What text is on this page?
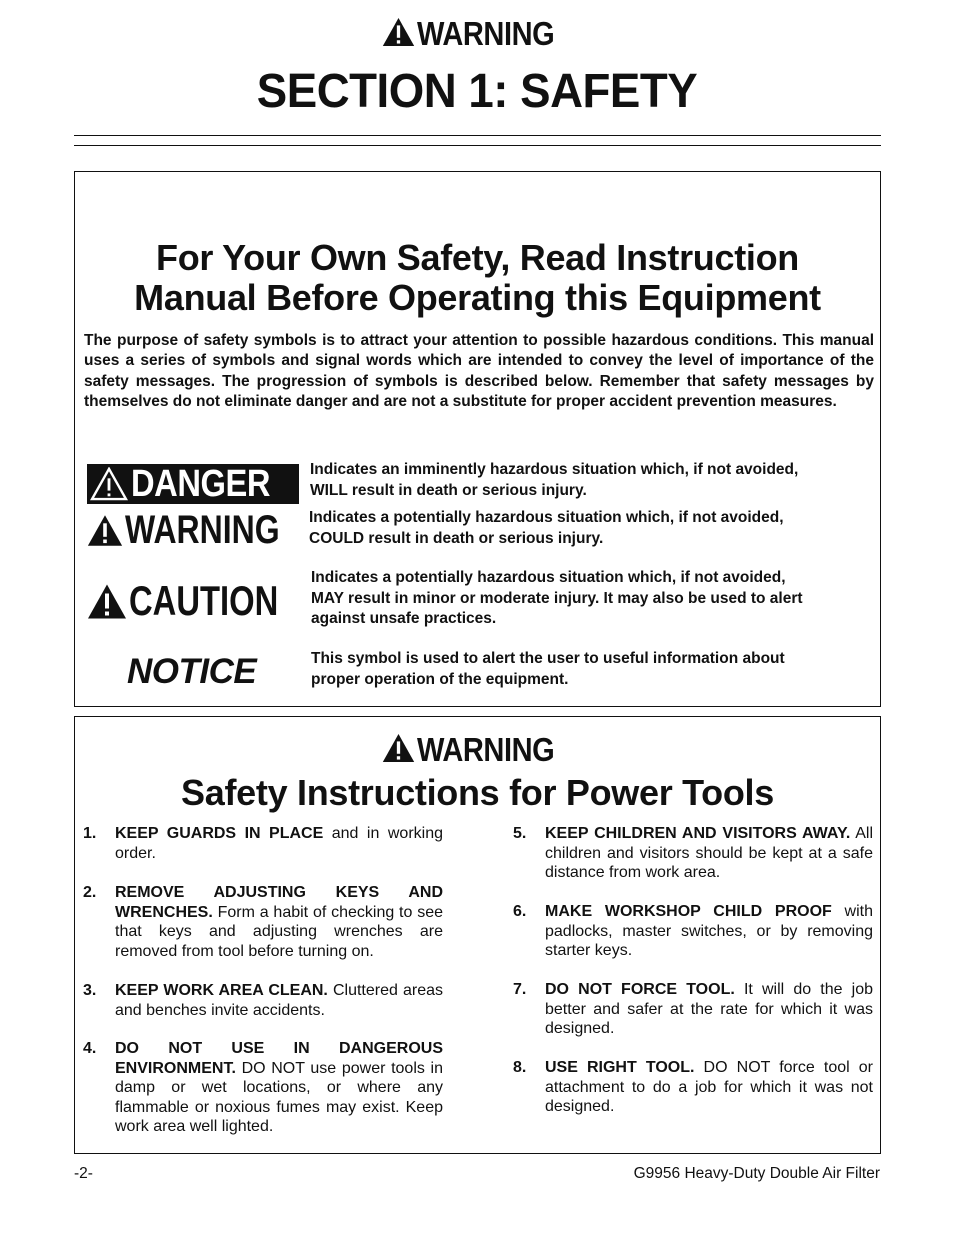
SECTION 1: SAFETY
WARNING
For Your Own Safety, Read Instruction
Manual Before Operating this Equipment
The purpose of safety symbols is to attract your attention to possible hazardous conditions. This manual uses a series of symbols and signal words which are intended to convey the level of importance of the safety messages. The progression of symbols is described below. Remember that safety messages by themselves do not eliminate danger and are not a substitute for proper accident prevention measures.
DANGER	Indicates an imminently hazardous situation which, if not avoided,
WILL result in death or serious injury.
WARNING Indicates a potentially hazardous situation which, if not avoided,
COULD result in death or serious injury.
CAUTION Indicates a potentially hazardous situation which, if not avoided,
MAY result in minor or moderate injury. It may also be used to alert
against unsafe practices.
NOTICE	This symbol is used to alert the user to useful information about
proper operation of the equipment.
WARNING
Safety Instructions for Power Tools
1. KEEP GUARDS IN PLACE and in working order.
2. REMOVE ADJUSTING KEYS AND WRENCHES. Form a habit of checking to see that keys and adjusting wrenches are removed from tool before turning on.
3. KEEP WORK AREA CLEAN. Cluttered areas and benches invite accidents.
4. DO NOT USE IN DANGEROUS ENVIRONMENT. DO NOT use power tools in damp or wet locations, or where any flammable or noxious fumes may exist. Keep work area well lighted.
5. KEEP CHILDREN AND VISITORS AWAY. All children and visitors should be kept at a safe distance from work area.
6. MAKE WORKSHOP CHILD PROOF with padlocks, master switches, or by removing starter keys.
7. DO NOT FORCE TOOL. It will do the job better and safer at the rate for which it was designed.
8. USE RIGHT TOOL. DO NOT force tool or attachment to do a job for which it was not designed.
-2-	G9956 Heavy-Duty Double Air Filter
